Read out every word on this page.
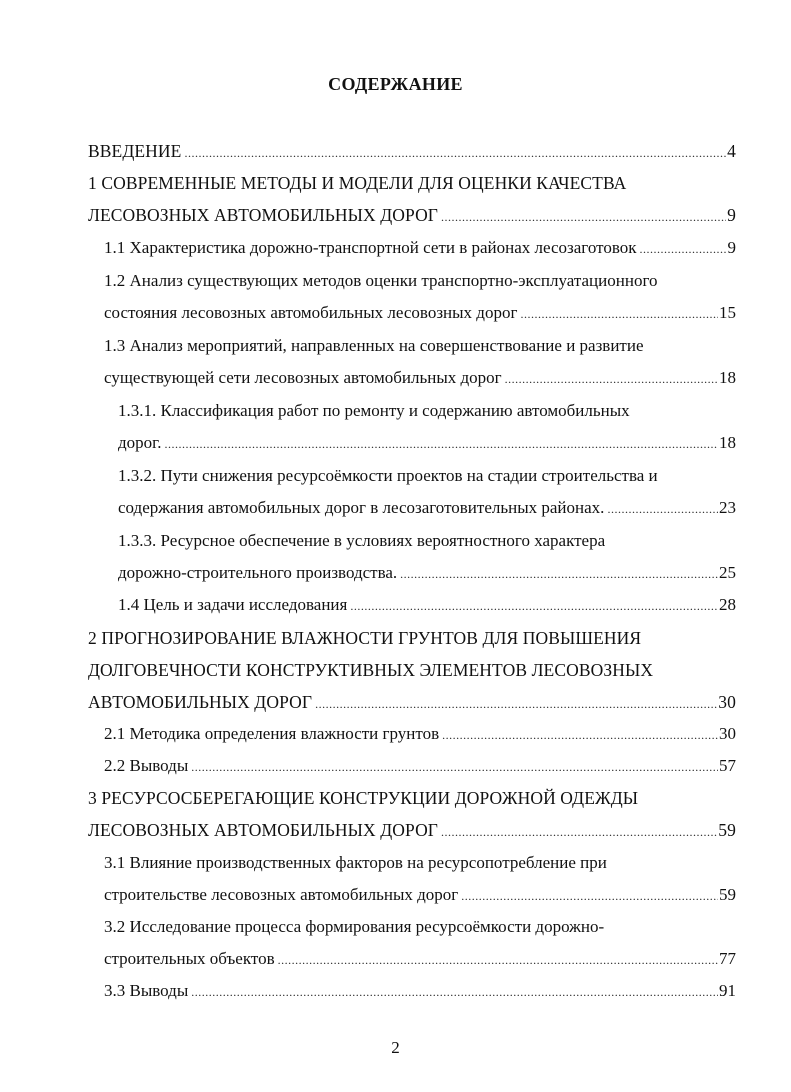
СОДЕРЖАНИЕ
ВВЕДЕНИЕ .....	4
1 СОВРЕМЕННЫЕ МЕТОДЫ И МОДЕЛИ ДЛЯ ОЦЕНКИ КАЧЕСТВА
ЛЕСОВОЗНЫХ АВТОМОБИЛЬНЫХ ДОРОГ .....	9
1.1 Характеристика дорожно-транспортной сети в районах лесозаготовок .....	9
1.2 Анализ существующих методов оценки транспортно-эксплуатационного
состояния лесовозных автомобильных лесовозных дорог .....	15
1.3 Анализ мероприятий, направленных на совершенствование и развитие
существующей сети лесовозных автомобильных дорог .....	18
1.3.1. Классификация работ по ремонту и содержанию автомобильных
дорог. .....	18
1.3.2. Пути снижения ресурсоёмкости проектов на стадии строительства и
содержания автомобильных дорог в лесозаготовительных районах. .....	23
1.3.3. Ресурсное обеспечение в условиях вероятностного характера
дорожно-строительного производства. .....	25
1.4 Цель и задачи исследования .....	28
2 ПРОГНОЗИРОВАНИЕ ВЛАЖНОСТИ ГРУНТОВ ДЛЯ ПОВЫШЕНИЯ
ДОЛГОВЕЧНОСТИ КОНСТРУКТИВНЫХ ЭЛЕМЕНТОВ ЛЕСОВОЗНЫХ
АВТОМОБИЛЬНЫХ ДОРОГ .....	30
2.1 Методика определения влажности грунтов .....	30
2.2 Выводы .....	57
3 РЕСУРСОСБЕРЕГАЮЩИЕ КОНСТРУКЦИИ ДОРОЖНОЙ ОДЕЖДЫ
ЛЕСОВОЗНЫХ АВТОМОБИЛЬНЫХ ДОРОГ .....	59
3.1 Влияние производственных факторов на ресурсопотребление при
строительстве лесовозных автомобильных дорог .....	59
3.2 Исследование процесса формирования ресурсоёмкости дорожно-
строительных объектов .....	77
3.3 Выводы .....	91
2
